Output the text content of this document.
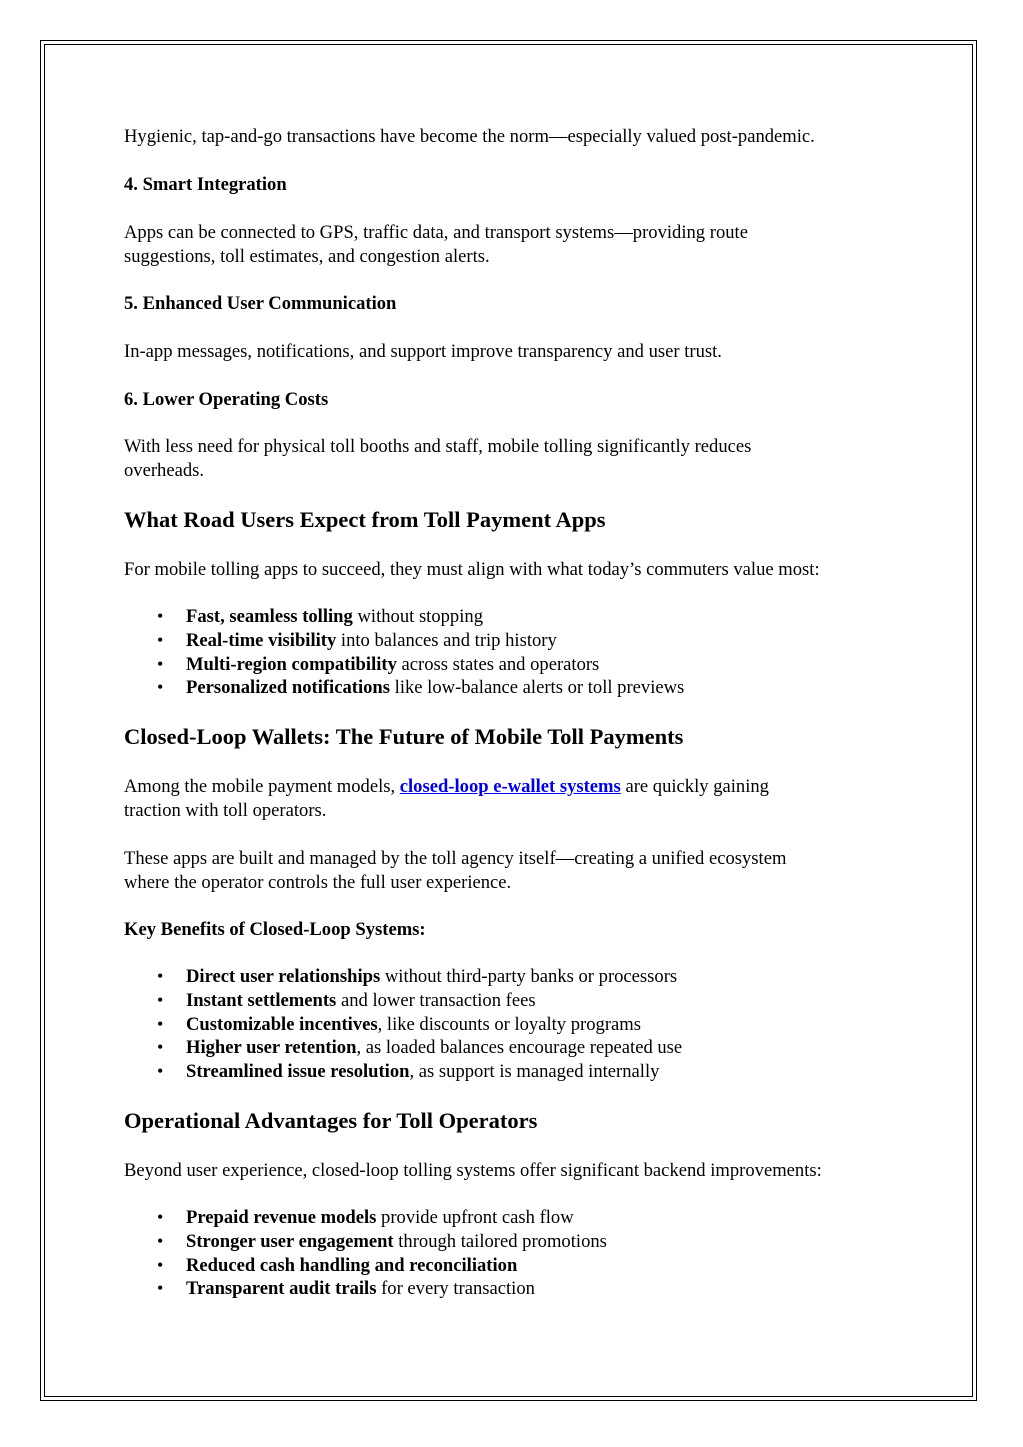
Hygienic, tap-and-go transactions have become the norm—especially valued post-pandemic.

4. Smart Integration

Apps can be connected to GPS, traffic data, and transport systems—providing route

suggestions, toll estimates, and congestion alerts.

5. Enhanced User Communication

In-app messages, notifications, and support improve transparency and user trust.

6. Lower Operating Costs

With less need for physical toll booths and staff, mobile tolling significantly reduces

overheads.

What Road Users Expect from Toll Payment Apps

For mobile tolling apps to succeed, they must align with what today’s commuters value most:

• Fast, seamless tolling without stopping
• Real-time visibility into balances and trip history
• Multi-region compatibility across states and operators
• Personalized notifications like low-balance alerts or toll previews
Closed-Loop Wallets: The Future of Mobile Toll Payments

Among the mobile payment models, closed-loop e-wallet systems are quickly gaining

traction with toll operators.

These apps are built and managed by the toll agency itself—creating a unified ecosystem

where the operator controls the full user experience.

Key Benefits of Closed-Loop Systems:

• Direct user relationships without third-party banks or processors
• Instant settlements and lower transaction fees
• Customizable incentives, like discounts or loyalty programs
• Higher user retention, as loaded balances encourage repeated use
• Streamlined issue resolution, as support is managed internally
Operational Advantages for Toll Operators

Beyond user experience, closed-loop tolling systems offer significant backend improvements:

• Prepaid revenue models provide upfront cash flow
• Stronger user engagement through tailored promotions
• Reduced cash handling and reconciliation
• Transparent audit trails for every transaction
